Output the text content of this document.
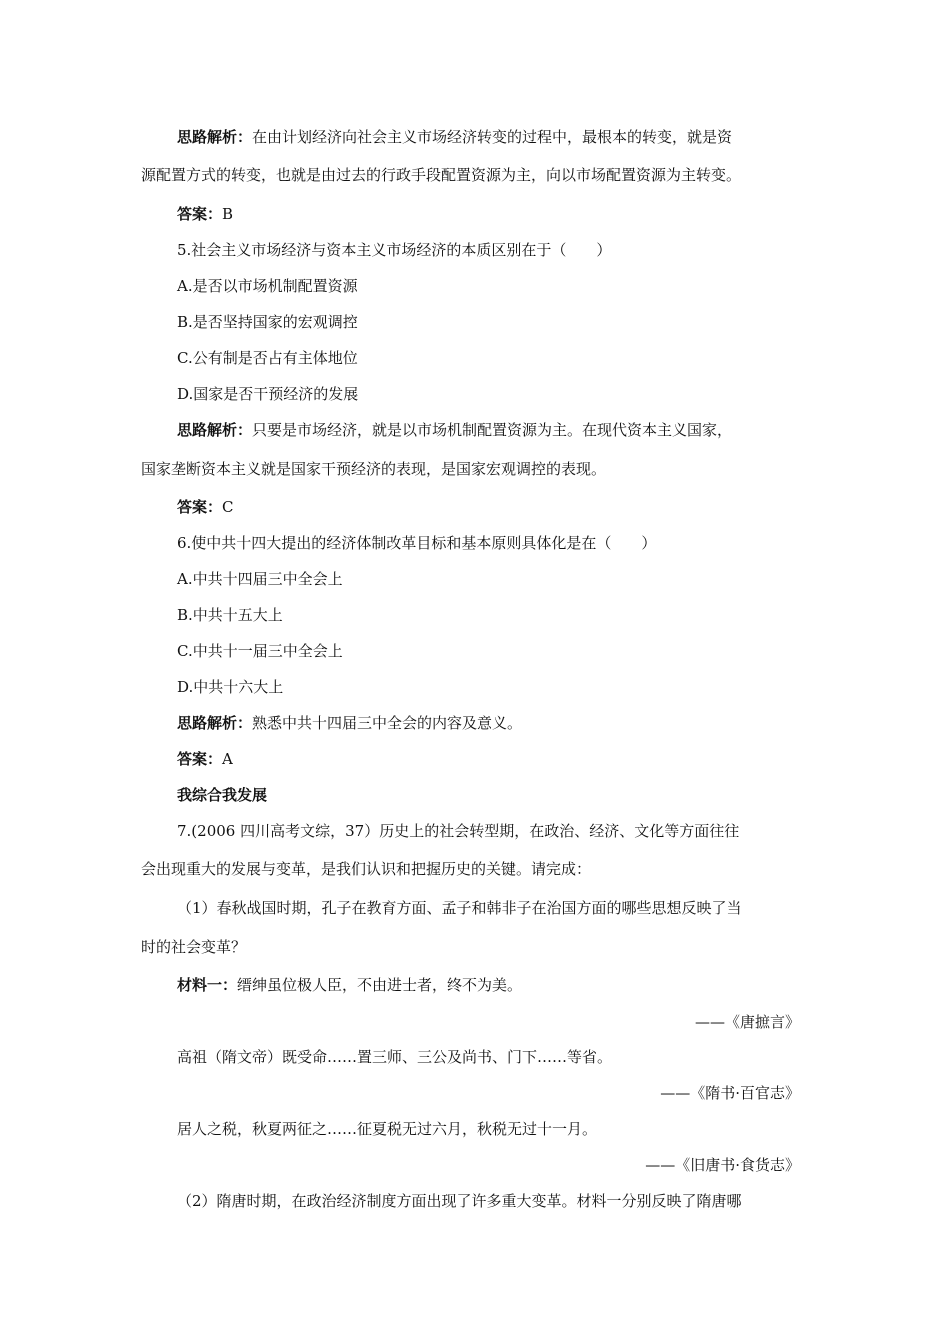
思路解析：在由计划经济向社会主义市场经济转变的过程中，最根本的转变，就是资
源配置方式的转变，也就是由过去的行政手段配置资源为主，向以市场配置资源为主转变。
答案：B
5.社会主义市场经济与资本主义市场经济的本质区别在于（　　）
A.是否以市场机制配置资源
B.是否坚持国家的宏观调控
C.公有制是否占有主体地位
D.国家是否干预经济的发展
思路解析：只要是市场经济，就是以市场机制配置资源为主。在现代资本主义国家，
国家垄断资本主义就是国家干预经济的表现，是国家宏观调控的表现。
答案：C
6.使中共十四大提出的经济体制改革目标和基本原则具体化是在（　　）
A.中共十四届三中全会上
B.中共十五大上
C.中共十一届三中全会上
D.中共十六大上
思路解析：熟悉中共十四届三中全会的内容及意义。
答案：A
我综合我发展
7.(2006 四川高考文综，37）历史上的社会转型期，在政治、经济、文化等方面往往
会出现重大的发展与变革，是我们认识和把握历史的关键。请完成：
（1）春秋战国时期，孔子在教育方面、孟子和韩非子在治国方面的哪些思想反映了当
时的社会变革？
材料一：缙绅虽位极人臣，不由进士者，终不为美。
——《唐摭言》
高祖（隋文帝）既受命……置三师、三公及尚书、门下……等省。
——《隋书·百官志》
居人之税，秋夏两征之……征夏税无过六月，秋税无过十一月。
——《旧唐书·食货志》
（2）隋唐时期，在政治经济制度方面出现了许多重大变革。材料一分别反映了隋唐哪
